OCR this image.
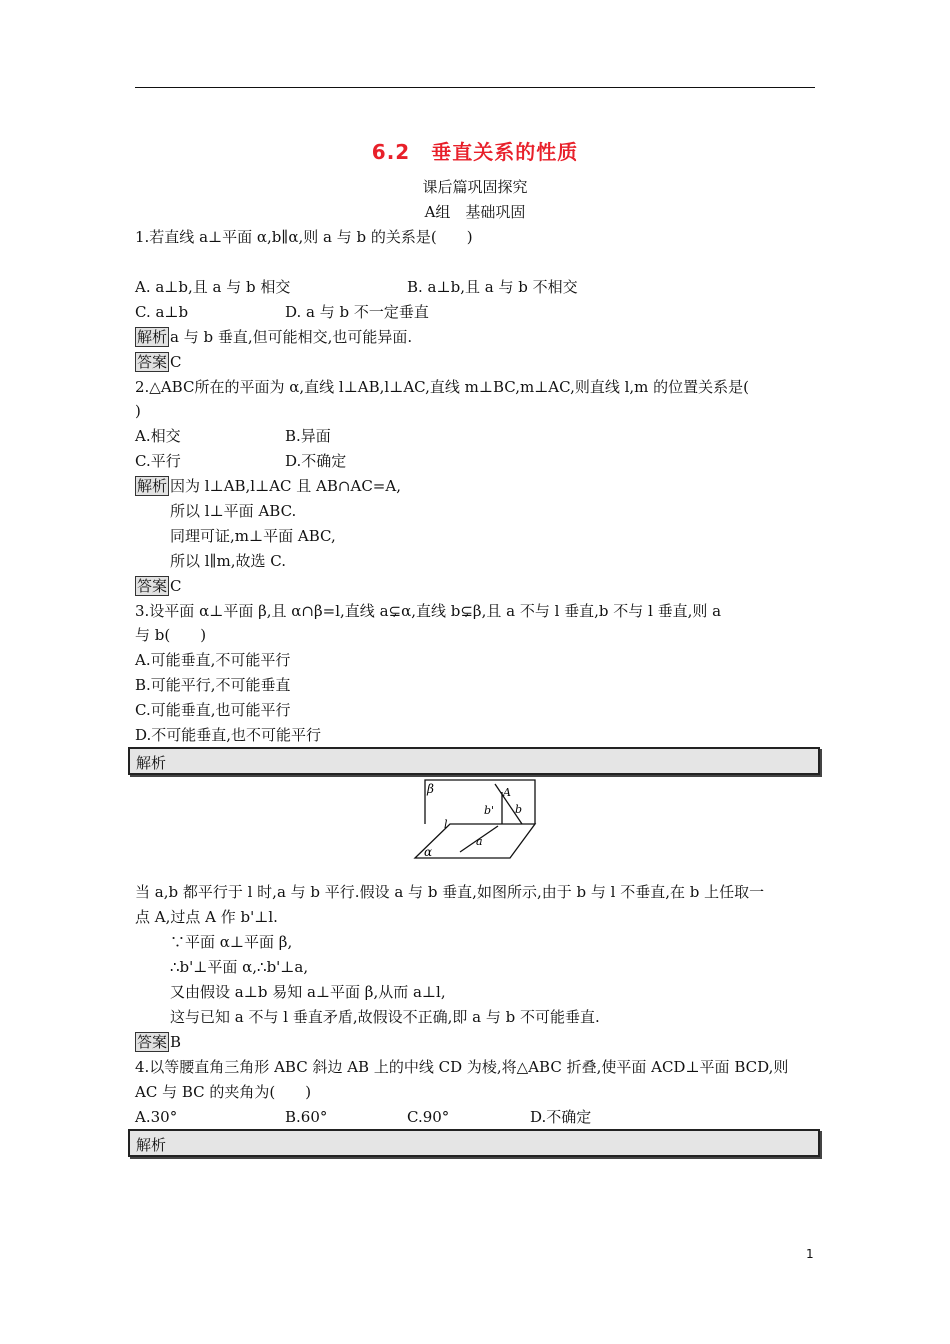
6.2　垂直关系的性质
课后篇巩固探究
A组　基础巩固
1.若直线 a⊥平面 α,b∥α,则 a 与 b 的关系是(　　)
A. a⊥b,且 a 与 b 相交	B. a⊥b,且 a 与 b 不相交
C. a⊥b	D. a 与 b 不一定垂直
解析 a 与 b 垂直,但可能相交,也可能异面.
答案 C
2.△ABC所在的平面为 α,直线 l⊥AB,l⊥AC,直线 m⊥BC,m⊥AC,则直线 l,m 的位置关系是(
)
A.相交	B.异面
C.平行	D.不确定
解析 因为 l⊥AB,l⊥AC 且 AB∩AC=A,
所以 l⊥平面 ABC.
同理可证,m⊥平面 ABC,
所以 l∥m,故选 C.
答案 C
3.设平面 α⊥平面 β,且 α∩β=l,直线 a⊊α,直线 b⊊β,且 a 不与 l 垂直,b 不与 l 垂直,则 a
与 b(　　)
A.可能垂直,不可能平行
B.可能平行,不可能垂直
C.可能垂直,也可能平行
D.不可能垂直,也不可能平行
解析
β	A
b' b
l
a
α
当 a,b 都平行于 l 时,a 与 b 平行.假设 a 与 b 垂直,如图所示,由于 b 与 l 不垂直,在 b 上任取一
点 A,过点 A 作 b'⊥l.
∵平面 α⊥平面 β,
∴b'⊥平面 α,∴b'⊥a,
又由假设 a⊥b 易知 a⊥平面 β,从而 a⊥l,
这与已知 a 不与 l 垂直矛盾,故假设不正确,即 a 与 b 不可能垂直.
答案 B
4.以等腰直角三角形 ABC 斜边 AB 上的中线 CD 为棱,将△ABC 折叠,使平面 ACD⊥平面 BCD,则
AC 与 BC 的夹角为(　　)
A.30°	B.60°	C.90°	D.不确定
解析
1
